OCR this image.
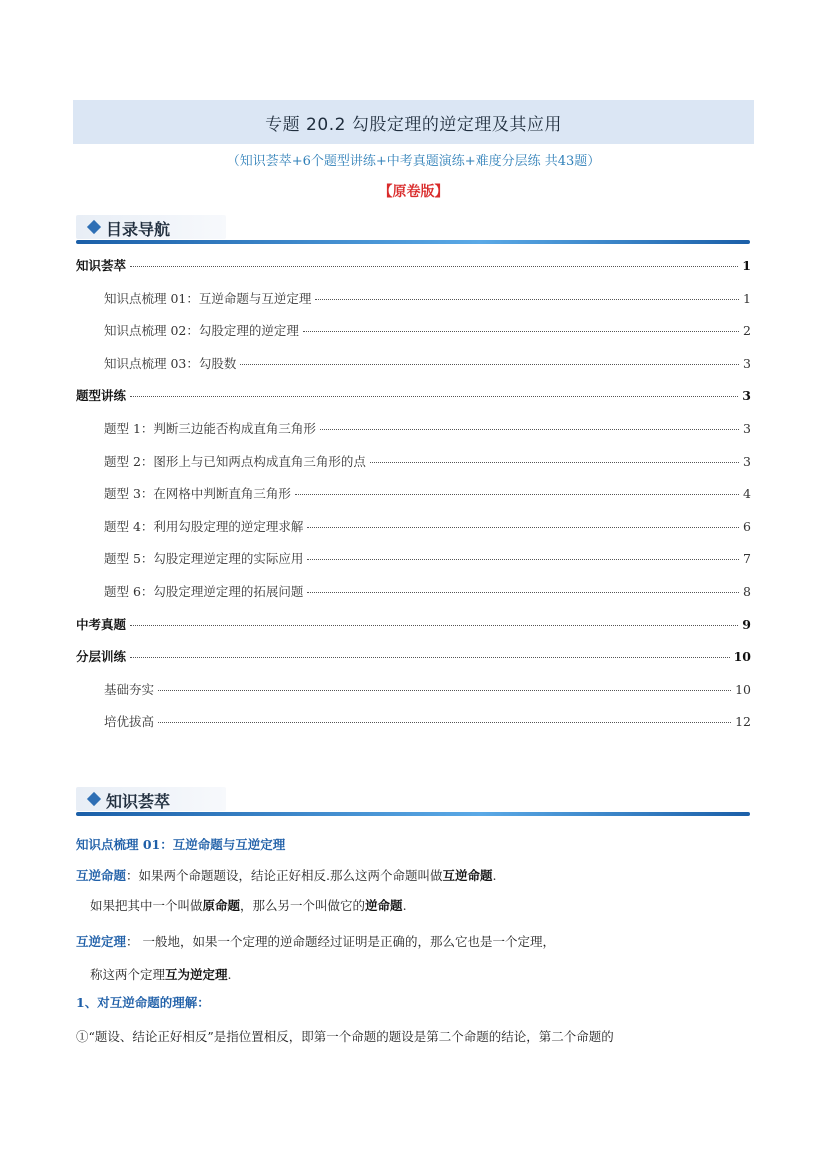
专题 20.2 勾股定理的逆定理及其应用
（知识荟萃+6个题型讲练+中考真题演练+难度分层练 共43题）
【原卷版】
目录导航
知识荟萃	1
知识点梳理 01：互逆命题与互逆定理	1
知识点梳理 02：勾股定理的逆定理	2
知识点梳理 03：勾股数	3
题型讲练	3
题型 1：判断三边能否构成直角三角形	3
题型 2：图形上与已知两点构成直角三角形的点	3
题型 3：在网格中判断直角三角形	4
题型 4：利用勾股定理的逆定理求解	6
题型 5：勾股定理逆定理的实际应用	7
题型 6：勾股定理逆定理的拓展问题	8
中考真题	9
分层训练	10
基础夯实	10
培优拔高	12
知识荟萃
知识点梳理 01：互逆命题与互逆定理
互逆命题：如果两个命题题设，结论正好相反.那么这两个命题叫做互逆命题.
如果把其中一个叫做原命题，那么另一个叫做它的逆命题.
互逆定理： 一般地，如果一个定理的逆命题经过证明是正确的，那么它也是一个定理，
称这两个定理互为逆定理.
1、对互逆命题的理解：
①“题设、结论正好相反”是指位置相反，即第一个命题的题设是第二个命题的结论，第二个命题的
